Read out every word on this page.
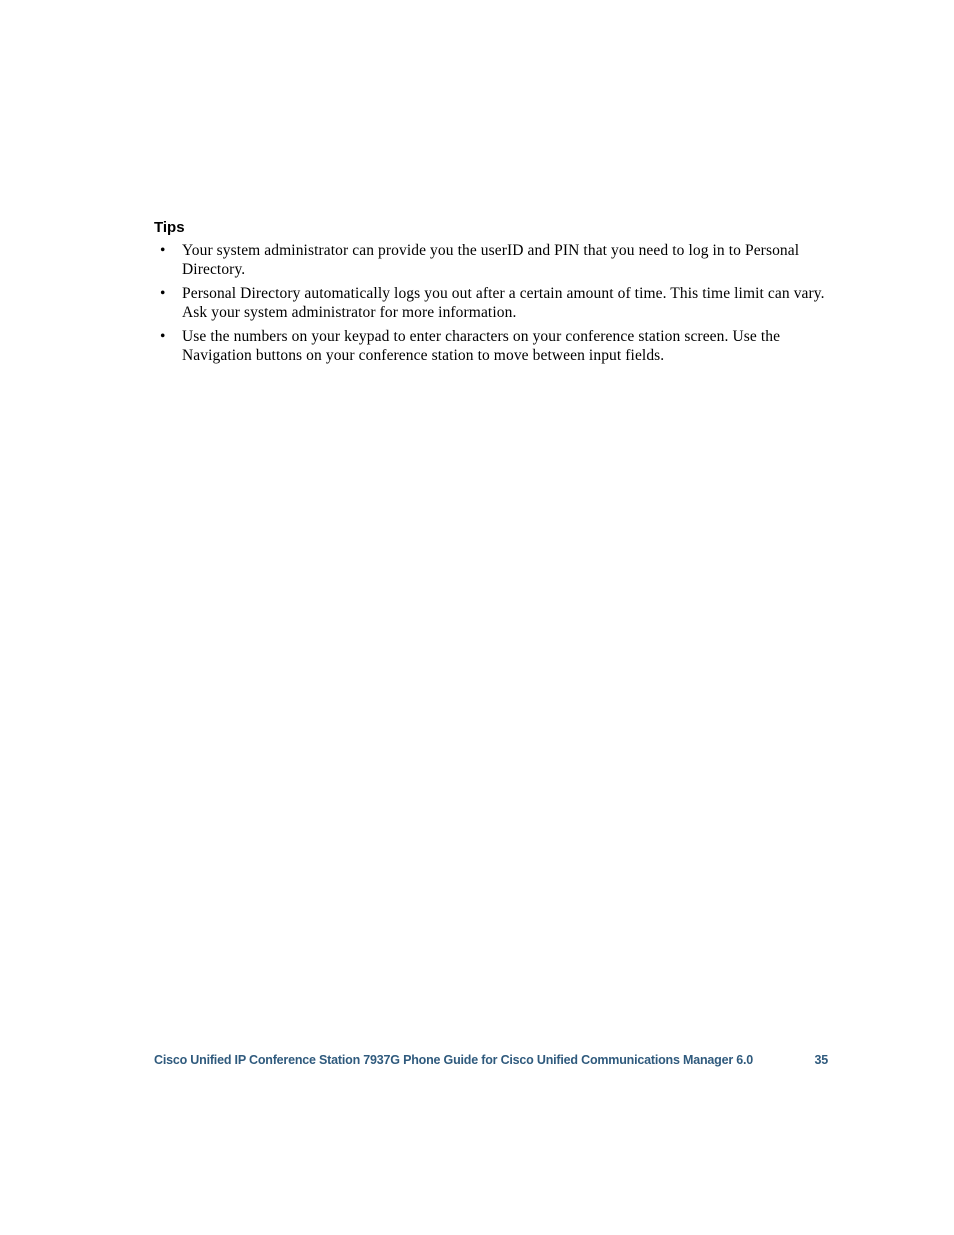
Tips
• Your system administrator can provide you the userID and PIN that you need to log in to Personal Directory.
• Personal Directory automatically logs you out after a certain amount of time. This time limit can vary. Ask your system administrator for more information.
• Use the numbers on your keypad to enter characters on your conference station screen. Use the Navigation buttons on your conference station to move between input fields.
Cisco Unified IP Conference Station 7937G Phone Guide for Cisco Unified Communications Manager 6.0	35
